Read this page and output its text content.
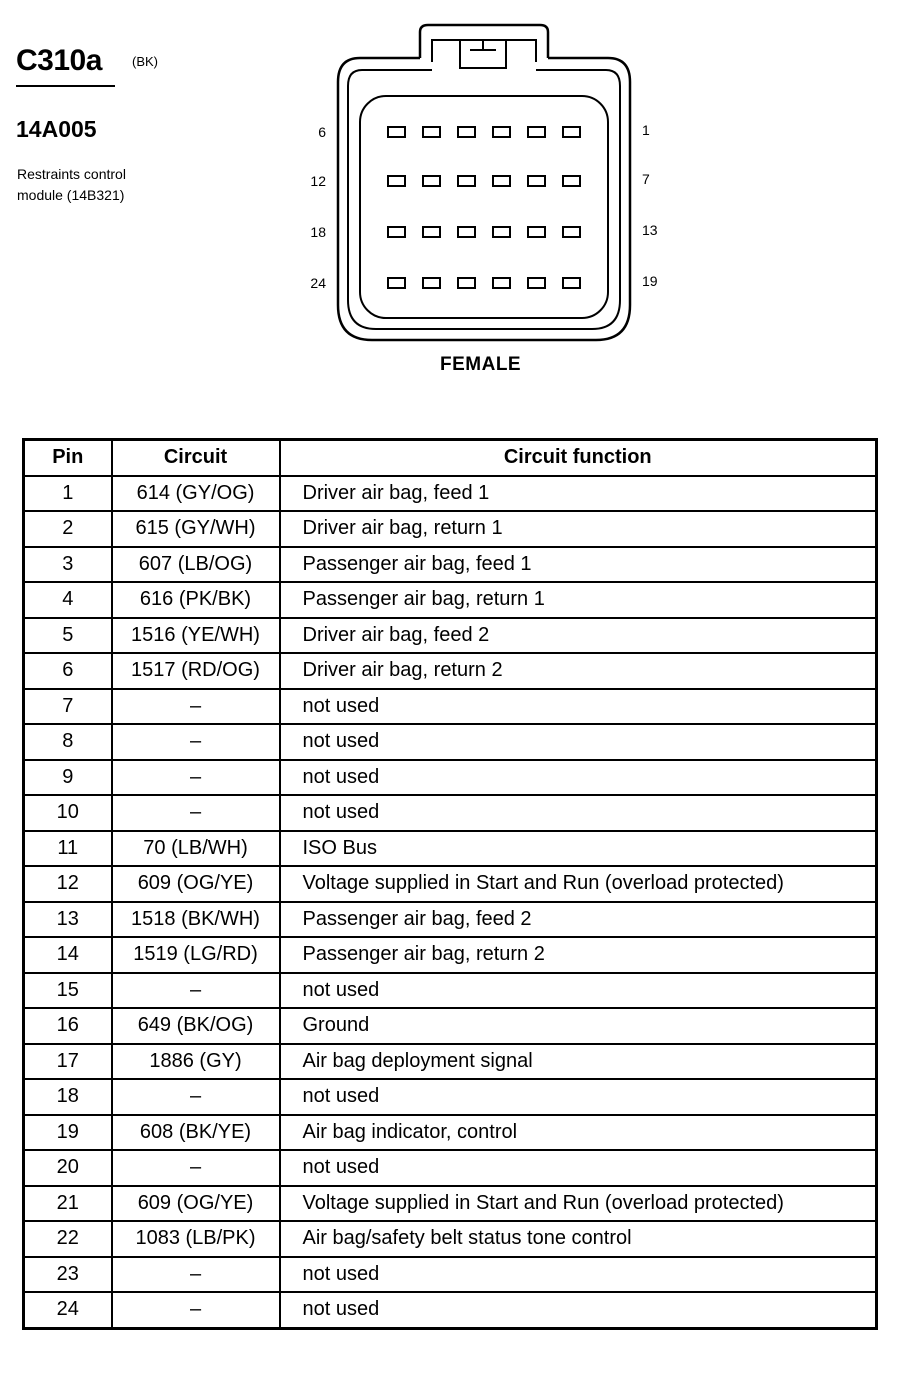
C310a (BK)
14A005
Restraints control
module (14B321)
6
12
18
24
1
7
13
19
FEMALE
Pin	Circuit	Circuit function
1	614 (GY/OG)	Driver air bag, feed 1
2	615 (GY/WH)	Driver air bag, return 1
3	607 (LB/OG)	Passenger air bag, feed 1
4	616 (PK/BK)	Passenger air bag, return 1
5	1516 (YE/WH)	Driver air bag, feed 2
6	1517 (RD/OG)	Driver air bag, return 2
7	–	not used
8	–	not used
9	–	not used
10	–	not used
11	70 (LB/WH)	ISO Bus
12	609 (OG/YE)	Voltage supplied in Start and Run (overload protected)
13	1518 (BK/WH)	Passenger air bag, feed 2
14	1519 (LG/RD)	Passenger air bag, return 2
15	–	not used
16	649 (BK/OG)	Ground
17	1886 (GY)	Air bag deployment signal
18	–	not used
19	608 (BK/YE)	Air bag indicator, control
20	–	not used
21	609 (OG/YE)	Voltage supplied in Start and Run (overload protected)
22	1083 (LB/PK)	Air bag/safety belt status tone control
23	–	not used
24	–	not used
